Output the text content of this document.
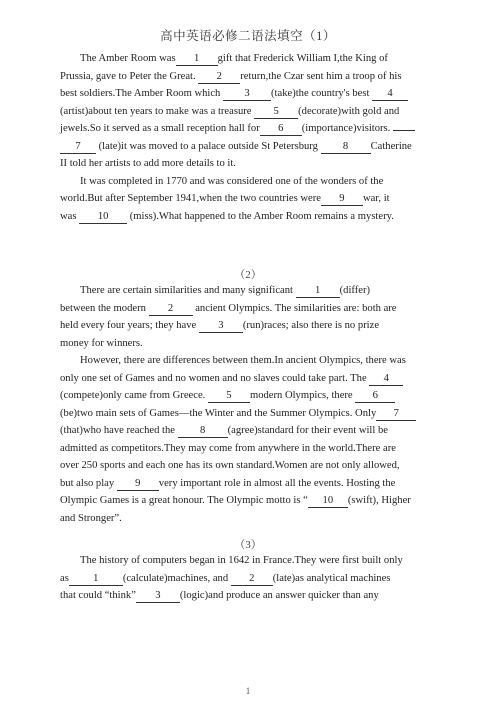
高中英语必修二语法填空（1）
The Amber Room was 1 gift that Frederick William I,the King of
Prussia, gave to Peter the Great. 2 return,the Czar sent him a troop of his
best soldiers.The Amber Room which 3 (take)the country's best 4
(artist)about ten years to make was a treasure 5 (decorate)with gold and
jewels.So it served as a small reception hall for 6 (importance)visitors.
7 (late)it was moved to a palace outside St Petersburg 8 Catherine
II told her artists to add more details to it.
It was completed in 1770 and was considered one of the wonders of the
world.But after September 1941,when the two countries were 9 war, it
was 10 (miss).What happened to the Amber Room remains a mystery.
（2）
There are certain similarities and many significant 1 (differ)
between the modern 2 ancient Olympics. The similarities are: both are
held every four years; they have 3 (run)races; also there is no prize
money for winners.
However, there are differences between them.In ancient Olympics, there was
only one set of Games and no women and no slaves could take part. The 4
(compete)only came from Greece. 5 modern Olympics, there 6
(be)two main sets of Games—the Winter and the Summer Olympics. Only 7
(that)who have reached the 8 (agree)standard for their event will be
admitted as competitors.They may come from anywhere in the world.There are
over 250 sports and each one has its own standard.Women are not only allowed,
but also play 9 very important role in almost all the events. Hosting the
Olympic Games is a great honour. The Olympic motto is “ 10 (swift), Higher
and Stronger”.
（3）
The history of computers began in 1642 in France.They were first built only
as 1 (calculate)machines, and 2 (late)as analytical machines
that could “think” 3 (logic)and produce an answer quicker than any
1
